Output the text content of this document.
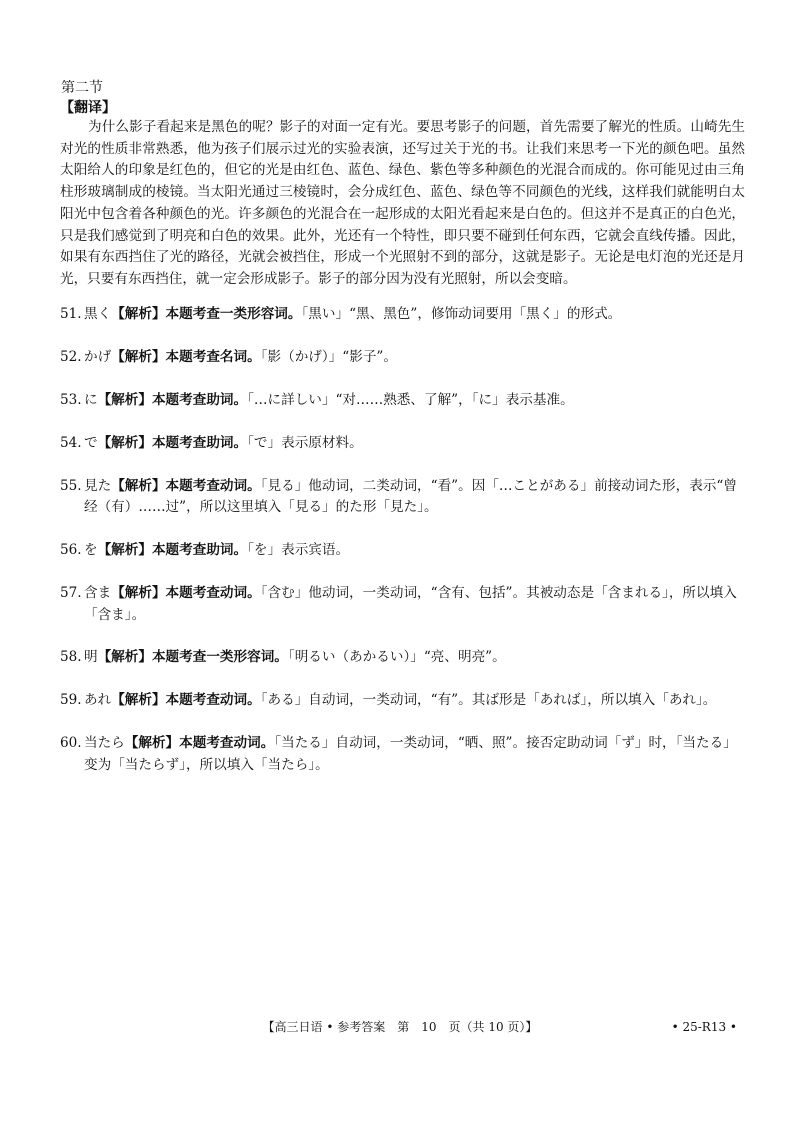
第二节
【翻译】
为什么影子看起来是黑色的呢？影子的对面一定有光。要思考影子的问题，首先需要了解光的性质。山崎先生对光的性质非常熟悉，他为孩子们展示过光的实验表演，还写过关于光的书。让我们来思考一下光的颜色吧。虽然太阳给人的印象是红色的，但它的光是由红色、蓝色、绿色、紫色等多种颜色的光混合而成的。你可能见过由三角柱形玻璃制成的棱镜。当太阳光通过三棱镜时，会分成红色、蓝色、绿色等不同颜色的光线，这样我们就能明白太阳光中包含着各种颜色的光。许多颜色的光混合在一起形成的太阳光看起来是白色的。但这并不是真正的白色光，只是我们感觉到了明亮和白色的效果。此外，光还有一个特性，即只要不碰到任何东西，它就会直线传播。因此，如果有东西挡住了光的路径，光就会被挡住，形成一个光照射不到的部分，这就是影子。无论是电灯泡的光还是月光，只要有东西挡住，就一定会形成影子。影子的部分因为没有光照射，所以会变暗。
51. 黒く【解析】本题考查一类形容词。「黒い」“黑、黑色”，修饰动词要用「黒く」的形式。
52. かげ【解析】本题考查名词。「影（かげ）」“影子”。
53. に【解析】本题考查助词。「…に詳しい」“对……熟悉、了解”，「に」表示基准。
54. で【解析】本题考查助词。「で」表示原材料。
55. 見た【解析】本题考查动词。「見る」他动词，二类动词，“看”。因「…ことがある」前接动词た形，表示“曾经（有）……过”，所以这里填入「見る」的た形「見た」。
56. を【解析】本题考查助词。「を」表示宾语。
57. 含ま【解析】本题考查动词。「含む」他动词，一类动词，“含有、包括”。其被动态是「含まれる」，所以填入「含ま」。
58. 明【解析】本题考查一类形容词。「明るい（あかるい）」“亮、明亮”。
59. あれ【解析】本题考查动词。「ある」自动词，一类动词，“有”。其ば形是「あれば」，所以填入「あれ」。
60. 当たら【解析】本题考查动词。「当たる」自动词，一类动词，“晒、照”。接否定助动词「ず」时，「当たる」变为「当たらず」，所以填入「当たら」。
【高三日语 • 参考答案　第　10　页（共 10 页）】	• 25-R13 •
